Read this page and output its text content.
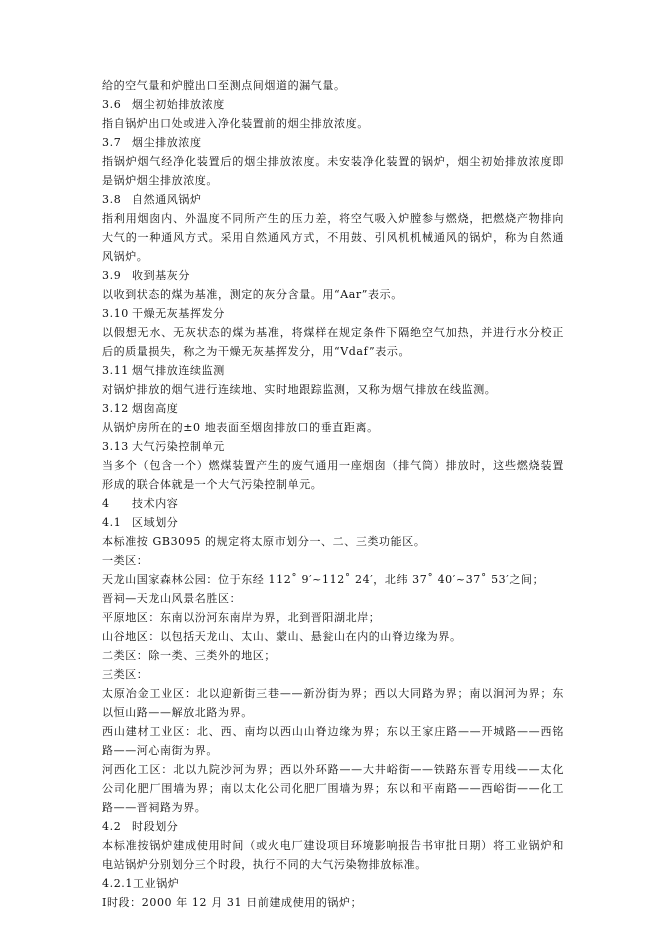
给的空气量和炉膛出口至测点间烟道的漏气量。
3.6 烟尘初始排放浓度
指自锅炉出口处或进入净化装置前的烟尘排放浓度。
3.7 烟尘排放浓度
指锅炉烟气经净化装置后的烟尘排放浓度。未安装净化装置的锅炉，烟尘初始排放浓度即是锅炉烟尘排放浓度。
3.8 自然通风锅炉
指利用烟囱内、外温度不同所产生的压力差，将空气吸入炉膛参与燃烧，把燃烧产物排向大气的一种通风方式。采用自然通风方式，不用鼓、引风机机械通风的锅炉，称为自然通风锅炉。
3.9 收到基灰分
以收到状态的煤为基准，测定的灰分含量。用“Aar”表示。
3.10 干燥无灰基挥发分
以假想无水、无灰状态的煤为基准，将煤样在规定条件下隔绝空气加热，并进行水分校正后的质量损失，称之为干燥无灰基挥发分，用“Vdaf”表示。
3.11 烟气排放连续监测
对锅炉排放的烟气进行连续地、实时地跟踪监测，又称为烟气排放在线监测。
3.12 烟囱高度
从锅炉房所在的±0 地表面至烟囱排放口的垂直距离。
3.13 大气污染控制单元
当多个（包含一个）燃煤装置产生的废气通用一座烟囱（排气筒）排放时，这些燃烧装置形成的联合体就是一个大气污染控制单元。
4 技术内容
4.1 区域划分
本标准按 GB3095 的规定将太原市划分一、二、三类功能区。
一类区：
天龙山国家森林公园：位于东经 112˚ 9′~112˚ 24′，北纬 37˚ 40′~37˚ 53′之间；
晋祠—天龙山风景名胜区：
平原地区：东南以汾河东南岸为界，北到晋阳湖北岸；
山谷地区：以包括天龙山、太山、蒙山、悬瓮山在内的山脊边缘为界。
二类区：除一类、三类外的地区；
三类区：
太原冶金工业区：北以迎新街三巷——新汾街为界；西以大同路为界；南以涧河为界；东以恒山路——解放北路为界。
西山建材工业区：北、西、南均以西山山脊边缘为界；东以王家庄路——开城路——西铭路——河心南街为界。
河西化工区：北以九院沙河为界；西以外环路——大井峪街——铁路东晋专用线——太化公司化肥厂围墙为界；南以太化公司化肥厂围墙为界；东以和平南路——西峪街——化工路——晋祠路为界。
4.2 时段划分
本标准按锅炉建成使用时间（或火电厂建设项目环境影响报告书审批日期）将工业锅炉和电站锅炉分别划分三个时段，执行不同的大气污染物排放标准。
4.2.1工业锅炉
Ⅰ时段：2000 年 12 月 31 日前建成使用的锅炉；
